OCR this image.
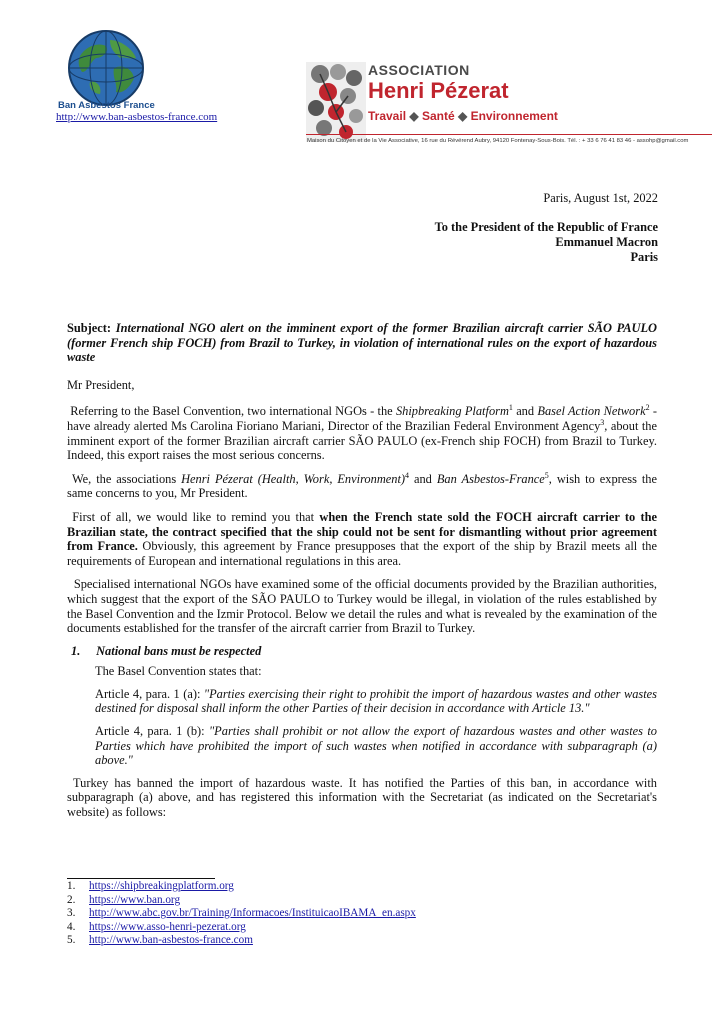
Ban Asbestos France
http://www.ban-asbestos-france.com
ASSOCIATION
Henri Pézerat
Travail ◆ Santé ◆ Environnement
Maison du Citoyen et de la Vie Associative, 16 rue du Révérend Aubry, 94120 Fontenay-Sous-Bois. Tél. : + 33 6 76 41 83 46 - assohp@gmail.com
Paris, August 1st, 2022
To the President of the Republic of France
Emmanuel Macron
Paris

Subject: International NGO alert on the imminent export of the former Brazilian aircraft carrier SÃO PAULO (former French ship FOCH) from Brazil to Turkey, in violation of international rules on the export of hazardous waste

Mr President,

Referring to the Basel Convention, two international NGOs - the Shipbreaking Platform$^1$ and Basel Action Network$^2$ - have already alerted Ms Carolina Fioriano Mariani, Director of the Brazilian Federal Environment Agency$^3$, about the imminent export of the former Brazilian aircraft carrier SÃO PAULO (ex-French ship FOCH) from Brazil to Turkey. Indeed, this export raises the most serious concerns.

We, the associations Henri Pézerat (Health, Work, Environment)$^4$ and Ban Asbestos-France$^5$, wish to express the same concerns to you, Mr President.

First of all, we would like to remind you that when the French state sold the FOCH aircraft carrier to the Brazilian state, the contract specified that the ship could not be sent for dismantling without prior agreement from France. Obviously, this agreement by France presupposes that the export of the ship by Brazil meets all the requirements of European and international regulations in this area.

Specialised international NGOs have examined some of the official documents provided by the Brazilian authorities, which suggest that the export of the SÃO PAULO to Turkey would be illegal, in violation of the rules established by the Basel Convention and the Izmir Protocol. Below we detail the rules and what is revealed by the examination of the documents established for the transfer of the aircraft carrier from Brazil to Turkey.

1. National bans must be respected

The Basel Convention states that:

Article 4, para. 1 (a): "Parties exercising their right to prohibit the import of hazardous wastes and other wastes destined for disposal shall inform the other Parties of their decision in accordance with Article 13."

Article 4, para. 1 (b): "Parties shall prohibit or not allow the export of hazardous wastes and other wastes to Parties which have prohibited the import of such wastes when notified in accordance with subparagraph (a) above."

Turkey has banned the import of hazardous waste. It has notified the Parties of this ban, in accordance with subparagraph (a) above, and has registered this information with the Secretariat (as indicated on the Secretariat's website) as follows:

1. https://shipbreakingplatform.org
2. https://www.ban.org
3. http://www.abc.gov.br/Training/Informacoes/InstituicaoIBAMA_en.aspx
4. https://www.asso-henri-pezerat.org
5. http://www.ban-asbestos-france.com
